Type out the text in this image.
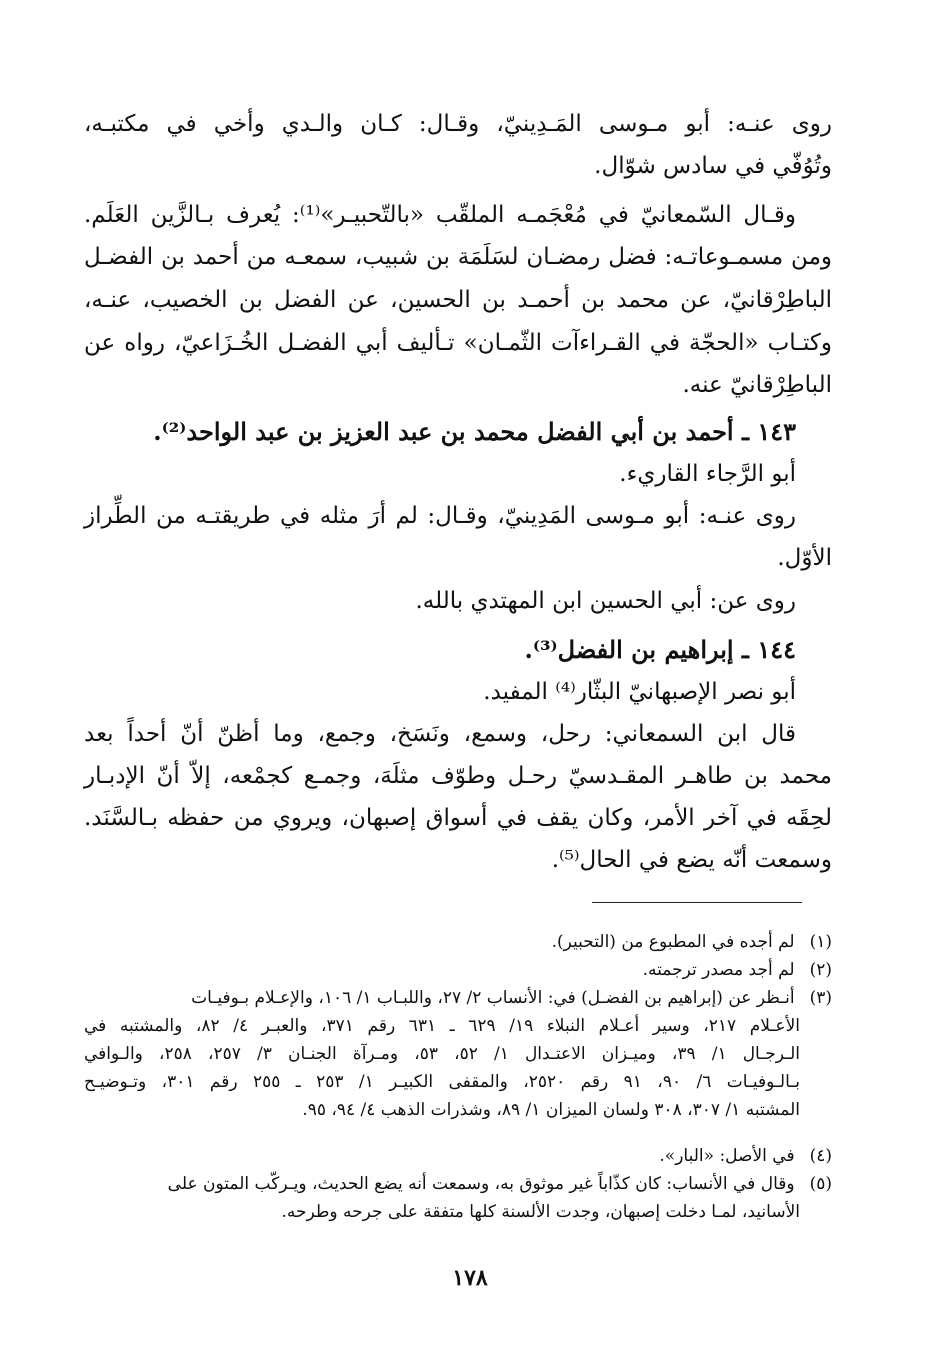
روى عنـه: أبو مـوسى المَـدِينيّ، وقـال: كـان والـدي وأخي في مكتبـه،
وتُوُفّي في سادس شوّال.
وقـال السّمعانيّ في مُعْجَمـه الملقّب «بالتّحبيـر»⁽¹⁾: يُعرف بـالزَّين العَلَم.
ومن مسمـوعاتـه: فضل رمضـان لسَلَمَة بن شبيب، سمعـه من أحمد بن الفضـل
الباطِرْقانيّ، عن محمد بن أحمـد بن الحسين، عن الفضل بن الخصيب، عنـه،
وكتـاب «الحجّة في القـراءآت الثّمـان» تـأليف أبي الفضـل الخُـزَاعيّ، رواه عن
الباطِرْقانيّ عنه.
١٤٣ ـ أحمد بن أبي الفضل محمد بن عبد العزيز بن عبد الواحد⁽²⁾.
أبو الرَّجاء القاريء.
روى عنـه: أبو مـوسى المَدِينيّ، وقـال: لم أرَ مثله في طريقتـه من الطِّراز
الأوّل.
روى عن: أبي الحسين ابن المهتدي بالله.
١٤٤ ـ إبراهيم بن الفضل⁽³⁾.
أبو نصر الإصبهانيّ البثّار⁽⁴⁾ المفيد.
قال ابن السمعاني: رحل، وسمع، ونَسَخ، وجمع، وما أظنّ أنّ أحداً بعد
محمد بن طاهـر المقـدسيّ رحـل وطوّف مثلَهَ، وجمـع كجمْعه، إلاّ أنّ الإدبـار
لحِقَه في آخر الأمر، وكان يقف في أسواق إصبهان، ويروي من حفظه بـالسَّنَد.
وسمعت أنّه يضع في الحال⁽⁵⁾.
(١) لم أجده في المطبوع من (التحبير).
(٢) لم أجد مصدر ترجمته.
(٣) أنـظر عن (إبراهيم بن الفضـل) في: الأنساب ٢/ ٢٧، واللبـاب ١/ ١٠٦، والإعـلام بـوفيـات
الأعـلام ٢١٧، وسير أعـلام النبلاء ١٩/ ٦٢٩ ـ ٦٣١ رقم ٣٧١، والعبـر ٤/ ٨٢، والمشتبه في
الـرجـال ١/ ٣٩، وميـزان الاعتـدال ١/ ٥٢، ٥٣، ومـرآة الجنـان ٣/ ٢٥٧، ٢٥٨، والـوافي
بـالـوفيـات ٦/ ٩٠، ٩١ رقم ٢٥٢٠، والمقفى الكبيـر ١/ ٢٥٣ ـ ٢٥٥ رقم ٣٠١، وتـوضيـح
المشتبه ١/ ٣٠٧، ٣٠٨ ولسان الميزان ١/ ٨٩، وشذرات الذهب ٤/ ٩٤، ٩٥.
(٤) في الأصل: «البار».
(٥) وقال في الأنساب: كان كذّاباً غير موثوق به، وسمعت أنه يضع الحديث، ويـركّب المتون على
الأسانيد، لمـا دخلت إصبهان، وجدت الألسنة كلها متفقة على جرحه وطرحه.
١٧٨
